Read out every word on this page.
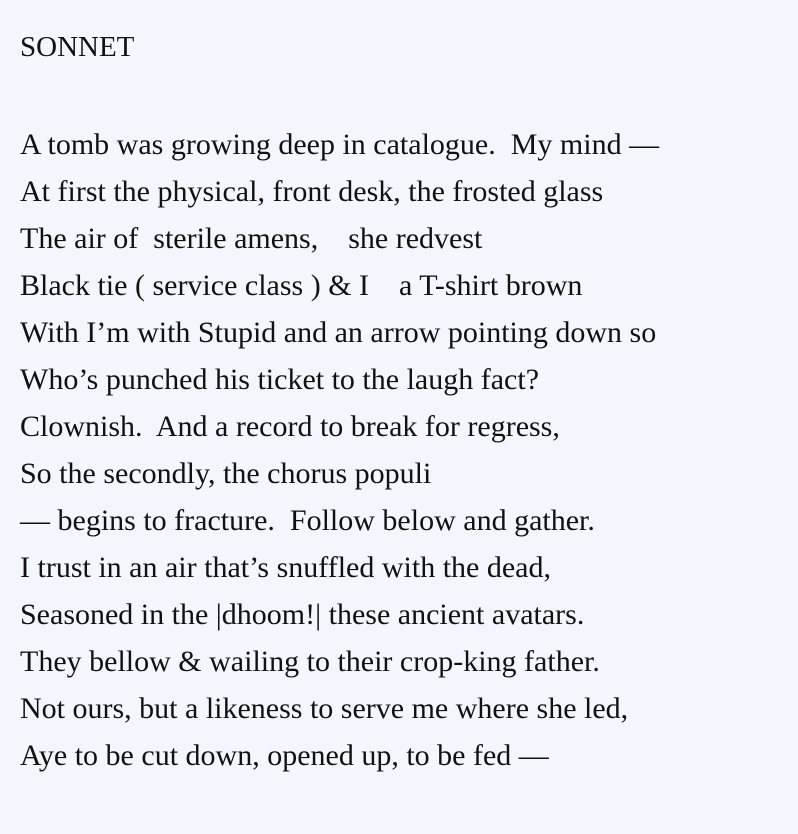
SONNET
A tomb was growing deep in catalogue.  My mind —
At first the physical, front desk, the frosted glass
The air of  sterile amens,    she redvest
Black tie ( service class ) & I    a T-shirt brown
With I’m with Stupid and an arrow pointing down so
Who’s punched his ticket to the laugh fact?
Clownish.  And a record to break for regress,
So the secondly, the chorus populi
— begins to fracture.  Follow below and gather.
I trust in an air that’s snuffled with the dead,
Seasoned in the |dhoom!| these ancient avatars.
They bellow & wailing to their crop-king father.
Not ours, but a likeness to serve me where she led,
Aye to be cut down, opened up, to be fed —
